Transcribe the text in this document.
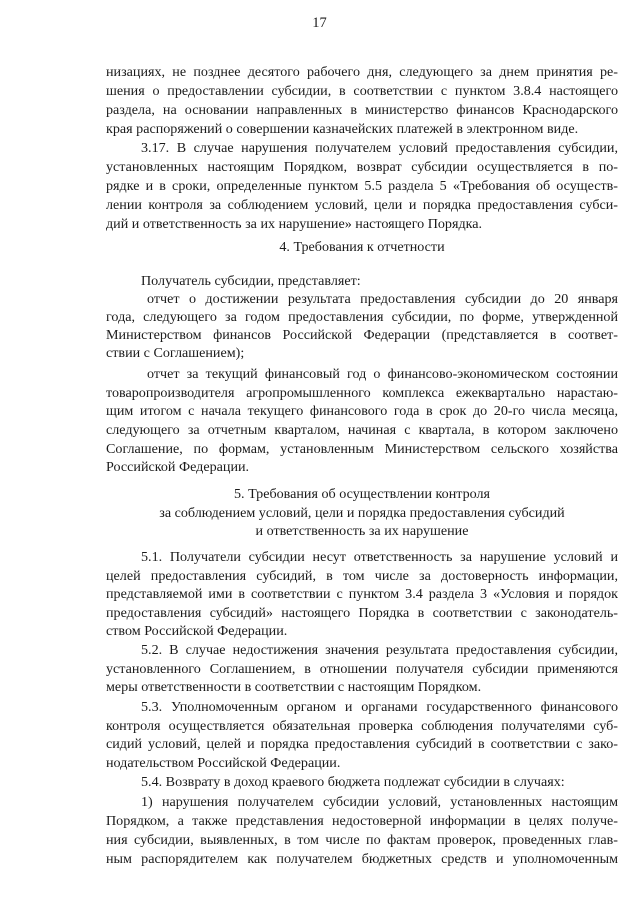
17
низациях, не позднее десятого рабочего дня, следующего за днем принятия ре-
шения о предоставлении субсидии, в соответствии с пунктом 3.8.4 настоящего
раздела, на основании направленных в министерство финансов Краснодарского
края распоряжений о совершении казначейских платежей в электронном виде.
3.17. В случае нарушения получателем условий предоставления субсидии,
установленных настоящим Порядком, возврат субсидии осуществляется в по-
рядке и в сроки, определенные пунктом 5.5 раздела 5 «Требования об осуществ-
лении контроля за соблюдением условий, цели и порядка предоставления субси-
дий и ответственность за их нарушение» настоящего Порядка.
4. Требования к отчетности
Получатель субсидии, представляет:
отчет о достижении результата предоставления субсидии до 20 января
года, следующего за годом предоставления субсидии, по форме, утвержденной
Министерством финансов Российской Федерации (представляется в соответ-
ствии с Соглашением);
отчет за текущий финансовый год о финансово-экономическом состоянии
товаропроизводителя агропромышленного комплекса ежеквартально нарастаю-
щим итогом с начала текущего финансового года в срок до 20-го числа месяца,
следующего за отчетным кварталом, начиная с квартала, в котором заключено
Соглашение, по формам, установленным Министерством сельского хозяйства
Российской Федерации.
5. Требования об осуществлении контроля
за соблюдением условий, цели и порядка предоставления субсидий
и ответственность за их нарушение
5.1. Получатели субсидии несут ответственность за нарушение условий и
целей предоставления субсидий, в том числе за достоверность информации,
представляемой ими в соответствии с пунктом 3.4 раздела 3 «Условия и порядок
предоставления субсидий» настоящего Порядка в соответствии с законодатель-
ством Российской Федерации.
5.2. В случае недостижения значения результата предоставления субсидии,
установленного Соглашением, в отношении получателя субсидии применяются
меры ответственности в соответствии с настоящим Порядком.
5.3. Уполномоченным органом и органами государственного финансового
контроля осуществляется обязательная проверка соблюдения получателями суб-
сидий условий, целей и порядка предоставления субсидий в соответствии с зако-
нодательством Российской Федерации.
5.4. Возврату в доход краевого бюджета подлежат субсидии в случаях:
1) нарушения получателем субсидии условий, установленных настоящим
Порядком, а также представления недостоверной информации в целях получе-
ния субсидии, выявленных, в том числе по фактам проверок, проведенных глав-
ным распорядителем как получателем бюджетных средств и уполномоченным
